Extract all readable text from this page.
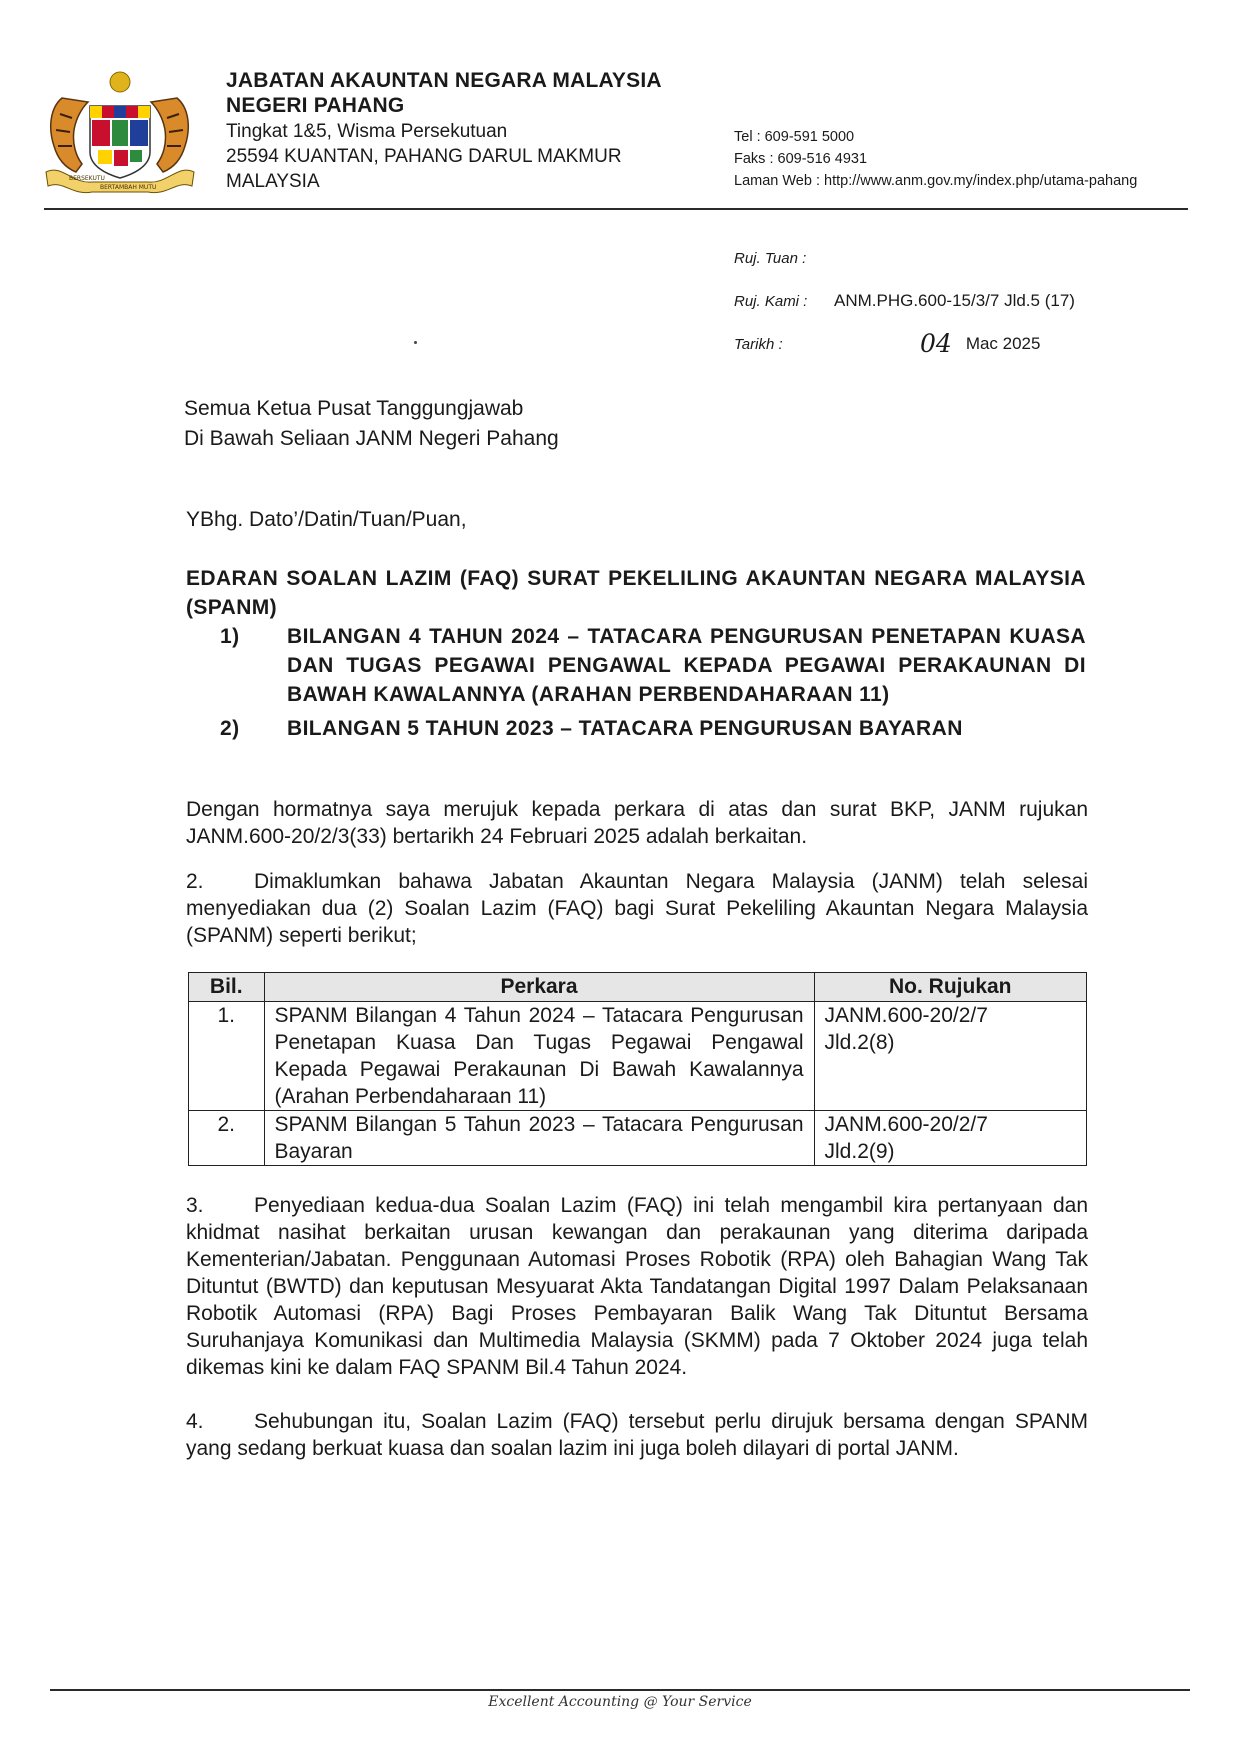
BERSEKUTU
BERTAMBAH MUTU
JABATAN AKAUNTAN NEGARA MALAYSIA
NEGERI PAHANG
Tingkat 1&5, Wisma Persekutuan
25594 KUANTAN, PAHANG DARUL MAKMUR
MALAYSIA
Tel : 609-591 5000
Faks : 609-516 4931
Laman Web : http://www.anm.gov.my/index.php/utama-pahang
Ruj. Tuan :
Ruj. Kami : ANM.PHG.600-15/3/7 Jld.5 (17)
Tarikh :	04 Mac 2025
Semua Ketua Pusat Tanggungjawab
Di Bawah Seliaan JANM Negeri Pahang
YBhg. Dato’/Datin/Tuan/Puan,
EDARAN SOALAN LAZIM (FAQ) SURAT PEKELILING AKAUNTAN NEGARA MALAYSIA (SPANM)
1) BILANGAN 4 TAHUN 2024 – TATACARA PENGURUSAN PENETAPAN KUASA DAN TUGAS PEGAWAI PENGAWAL KEPADA PEGAWAI PERAKAUNAN DI BAWAH KAWALANNYA (ARAHAN PERBENDAHARAAN 11)
2) BILANGAN 5 TAHUN 2023 – TATACARA PENGURUSAN BAYARAN
Dengan hormatnya saya merujuk kepada perkara di atas dan surat BKP, JANM rujukan JANM.600-20/2/3(33) bertarikh 24 Februari 2025 adalah berkaitan.
2. Dimaklumkan bahawa Jabatan Akauntan Negara Malaysia (JANM) telah selesai menyediakan dua (2) Soalan Lazim (FAQ) bagi Surat Pekeliling Akauntan Negara Malaysia (SPANM) seperti berikut;
Bil.	Perkara	No. Rujukan
1.	SPANM Bilangan 4 Tahun 2024 – Tatacara Pengurusan Penetapan Kuasa Dan Tugas Pegawai Pengawal Kepada Pegawai Perakaunan Di Bawah Kawalannya (Arahan Perbendaharaan 11)	JANM.600-20/2/7
Jld.2(8)

2.	SPANM Bilangan 5 Tahun 2023 – Tatacara Pengurusan Bayaran	JANM.600-20/2/7
Jld.2(9)
3. Penyediaan kedua-dua Soalan Lazim (FAQ) ini telah mengambil kira pertanyaan dan khidmat nasihat berkaitan urusan kewangan dan perakaunan yang diterima daripada Kementerian/Jabatan. Penggunaan Automasi Proses Robotik (RPA) oleh Bahagian Wang Tak Dituntut (BWTD) dan keputusan Mesyuarat Akta Tandatangan Digital 1997 Dalam Pelaksanaan Robotik Automasi (RPA) Bagi Proses Pembayaran Balik Wang Tak Dituntut Bersama Suruhanjaya Komunikasi dan Multimedia Malaysia (SKMM) pada 7 Oktober 2024 juga telah dikemas kini ke dalam FAQ SPANM Bil.4 Tahun 2024.
4. Sehubungan itu, Soalan Lazim (FAQ) tersebut perlu dirujuk bersama dengan SPANM yang sedang berkuat kuasa dan soalan lazim ini juga boleh dilayari di portal JANM.
Excellent Accounting @ Your Service
